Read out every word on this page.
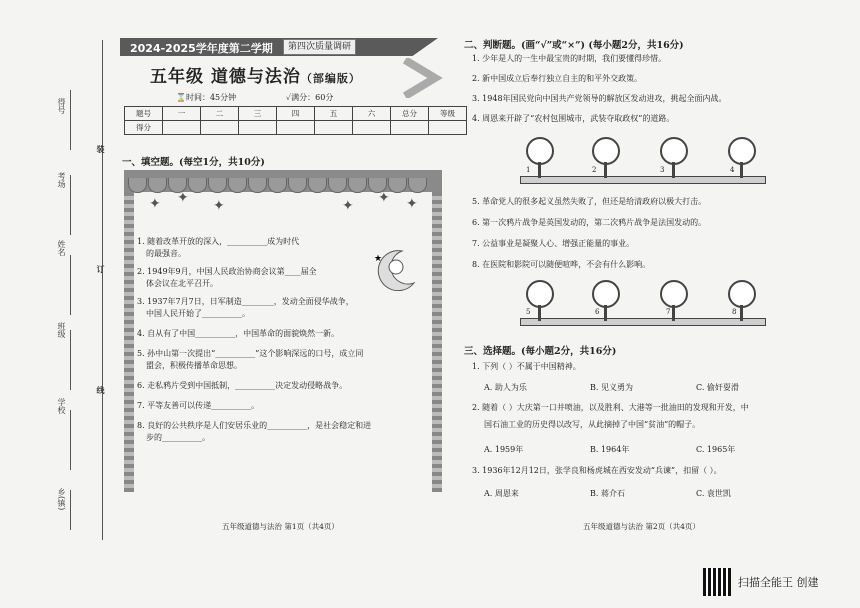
得号
考场
姓名
班级
学校
乡(镇)
装
订
线
2024-2025学年度第二学期	第四次质量调研
五年级 道德与法治（部编版）
⌛时间：45分钟	✓满分：60分
题号	一	二	三	四	五	六	总分	等级
得分								
一、填空题。(每空1分，共10分)
✦ ✦ ✦	✦ ✦ ✦
★
1. 随着改革开放的深入，__________成为时代
的最强音。
2. 1949年9月，中国人民政治协商会议第____届全
体会议在北平召开。
3. 1937年7月7日，日军制造________，发动全面侵华战争，
中国人民开始了__________。
4. 自从有了中国__________，中国革命的面貌焕然一新。
5. 孙中山第一次提出“__________”这个影响深远的口号，成立同
盟会，积极传播革命思想。
6. 走私鸦片受到中国抵制，__________决定发动侵略战争。
7. 平等友善可以传递__________。
8. 良好的公共秩序是人们安居乐业的__________，是社会稳定和进
步的__________。
五年级道德与法治 第1页（共4页）
二、判断题。(画“√”或“×”) (每小题2分，共16分)
1. 少年是人的一生中最宝贵的时期，我们要懂得珍惜。
2. 新中国成立后奉行独立自主的和平外交政策。
3. 1948年国民党向中国共产党领导的解放区发动进攻，挑起全面内战。
4. 周恩来开辟了“农村包围城市，武装夺取政权”的道路。
1	2	3	4
5. 革命党人的很多起义虽然失败了，但还是给清政府以极大打击。
6. 第一次鸦片战争是英国发动的，第二次鸦片战争是法国发动的。
7. 公益事业是凝聚人心、增强正能量的事业。
8. 在医院和影院可以随便喧哗，不会有什么影响。
5	6	7	8
三、选择题。(每小题2分，共16分)
1. 下列（ ）不属于中国精神。
A. 助人为乐	B. 见义勇为	C. 偷奸耍滑
2. 随着（ ）大庆第一口井喷油，以及胜利、大港等一批油田的发现和开发，中
国石油工业的历史得以改写，从此摘掉了中国“贫油”的帽子。
A. 1959年	B. 1964年	C. 1965年
3. 1936年12月12日，张学良和杨虎城在西安发动“兵谏”，扣留（ ）。
A. 周恩来	B. 蒋介石	C. 袁世凯
五年级道德与法治 第2页（共4页）
扫描全能王 创建
